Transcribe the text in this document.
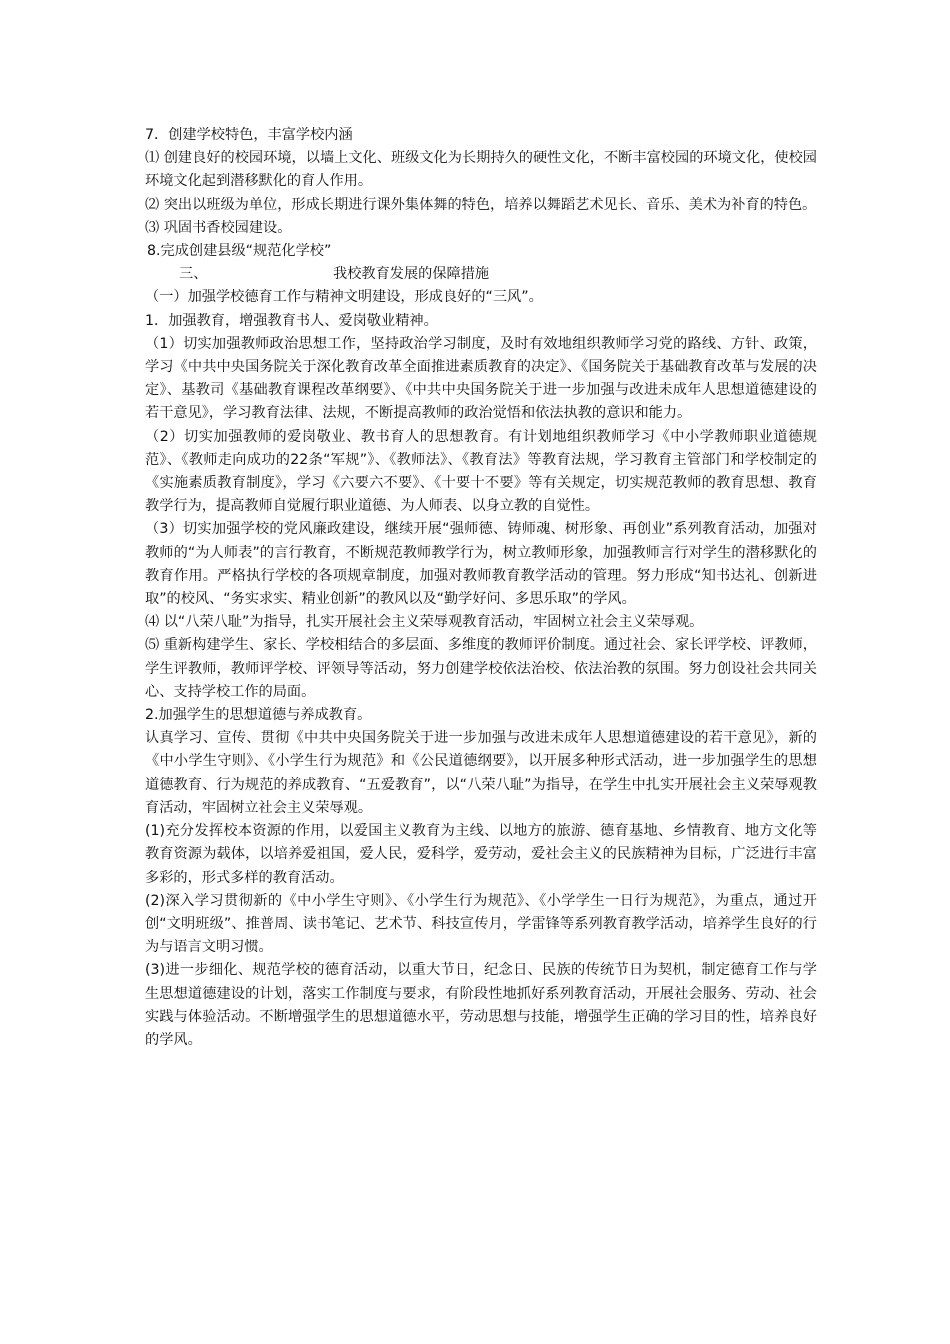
7．创建学校特色，丰富学校内涵

⑴ 创建良好的校园环境，以墙上文化、班级文化为长期持久的硬性文化，不断丰富校园的环境文化，使校园环境文化起到潜移默化的育人作用。

⑵ 突出以班级为单位，形成长期进行课外集体舞的特色，培养以舞蹈艺术见长、音乐、美术为补育的特色。

⑶ 巩固书香校园建设。

8.完成创建县级“规范化学校”

三、	我校教育发展的保障措施

（一）加强学校德育工作与精神文明建设，形成良好的“三风”。

1．加强教育，增强教育书人、爱岗敬业精神。

（1）切实加强教师政治思想工作，坚持政治学习制度，及时有效地组织教师学习党的路线、方针、政策，学习《中共中央国务院关于深化教育改革全面推进素质教育的决定》、《国务院关于基础教育改革与发展的决定》、基教司《基础教育课程改革纲要》、《中共中央国务院关于进一步加强与改进未成年人思想道德建设的若干意见》，学习教育法律、法规，不断提高教师的政治觉悟和依法执教的意识和能力。

（2）切实加强教师的爱岗敬业、教书育人的思想教育。有计划地组织教师学习《中小学教师职业道德规范》、《教师走向成功的22条“军规”》、《教师法》、《教育法》等教育法规，学习教育主管部门和学校制定的《实施素质教育制度》，学习《六要六不要》、《十要十不要》等有关规定，切实规范教师的教育思想、教育教学行为，提高教师自觉履行职业道德、为人师表、以身立教的自觉性。

（3）切实加强学校的党风廉政建设，继续开展“强师德、铸师魂、树形象、再创业”系列教育活动，加强对教师的“为人师表”的言行教育，不断规范教师教学行为，树立教师形象，加强教师言行对学生的潜移默化的教育作用。严格执行学校的各项规章制度，加强对教师教育教学活动的管理。努力形成“知书达礼、创新进取”的校风、“务实求实、精业创新”的教风以及“勤学好问、多思乐取”的学风。

⑷ 以“八荣八耻”为指导，扎实开展社会主义荣辱观教育活动，牢固树立社会主义荣辱观。

⑸ 重新构建学生、家长、学校相结合的多层面、多维度的教师评价制度。通过社会、家长评学校、评教师，学生评教师，教师评学校、评领导等活动，努力创建学校依法治校、依法治教的氛围。努力创设社会共同关心、支持学校工作的局面。

2.加强学生的思想道德与养成教育。

认真学习、宣传、贯彻《中共中央国务院关于进一步加强与改进未成年人思想道德建设的若干意见》，新的《中小学生守则》、《小学生行为规范》和《公民道德纲要》，以开展多种形式活动，进一步加强学生的思想道德教育、行为规范的养成教育、“五爱教育”，以“八荣八耻”为指导，在学生中扎实开展社会主义荣辱观教育活动，牢固树立社会主义荣辱观。

(1)充分发挥校本资源的作用，以爱国主义教育为主线、以地方的旅游、德育基地、乡情教育、地方文化等教育资源为载体，以培养爱祖国，爱人民，爱科学，爱劳动，爱社会主义的民族精神为目标，广泛进行丰富多彩的，形式多样的教育活动。

(2)深入学习贯彻新的《中小学生守则》、《小学生行为规范》、《小学学生一日行为规范》，为重点，通过开创“文明班级”、推普周、读书笔记、艺术节、科技宣传月，学雷锋等系列教育教学活动，培养学生良好的行为与语言文明习惯。

(3)进一步细化、规范学校的德育活动，以重大节日，纪念日、民族的传统节日为契机，制定德育工作与学生思想道德建设的计划，落实工作制度与要求，有阶段性地抓好系列教育活动，开展社会服务、劳动、社会实践与体验活动。不断增强学生的思想道德水平，劳动思想与技能，增强学生正确的学习目的性，培养良好的学风。
